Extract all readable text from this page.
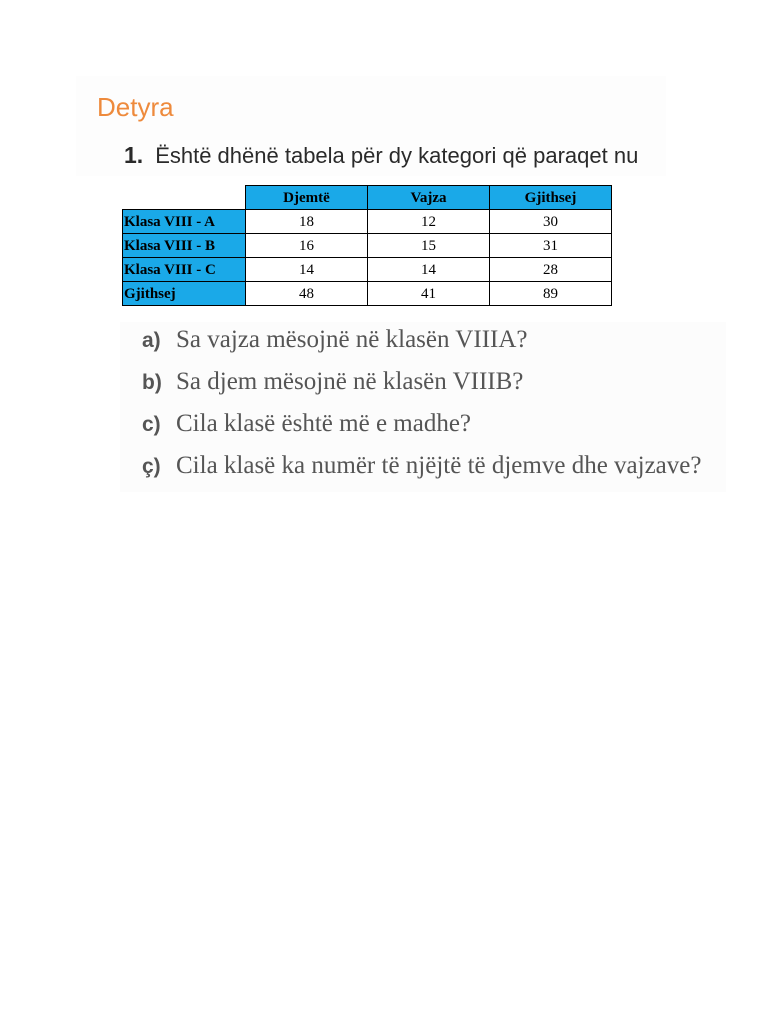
Detyra
1. Është dhënë tabela për dy kategori që paraqet nu
	Djemtë	Vajza	Gjithsej
Klasa VIII - A	18	12	30
Klasa VIII - B	16	15	31
Klasa VIII - C	14	14	28
Gjithsej	48	41	89
a) Sa vajza mësojnë në klasën VIIIA?
b) Sa djem mësojnë në klasën VIIIB?
c) Cila klasë është më e madhe?
ç) Cila klasë ka numër të njëjtë të djemve dhe vajzave?
